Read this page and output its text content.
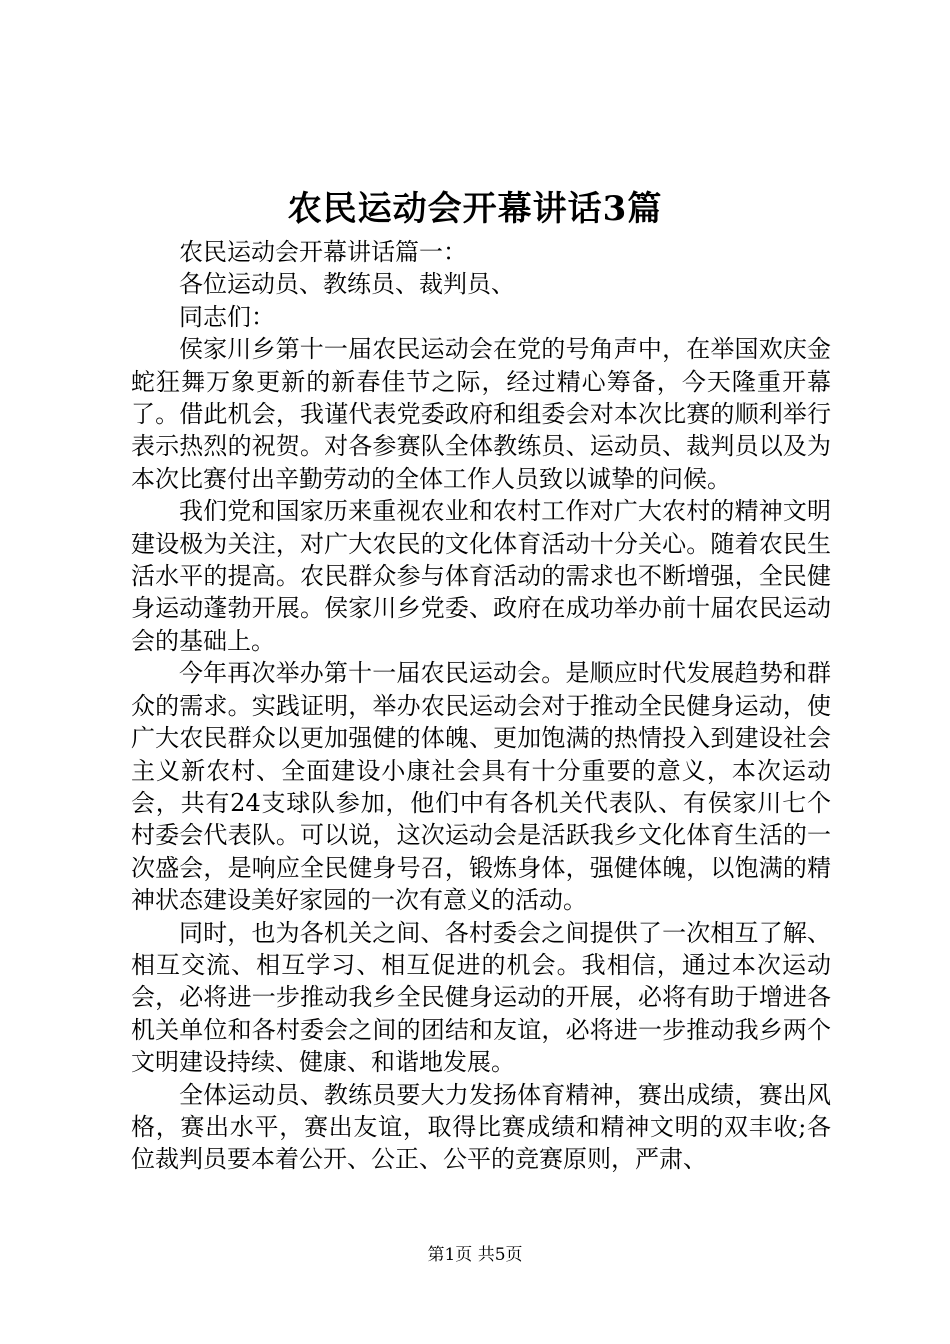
农民运动会开幕讲话3篇

农民运动会开幕讲话篇一：

各位运动员、教练员、裁判员、

同志们：

侯家川乡第十一届农民运动会在党的号角声中，在举国欢庆金蛇狂舞万象更新的新春佳节之际，经过精心筹备，今天隆重开幕了。借此机会，我谨代表党委政府和组委会对本次比赛的顺利举行表示热烈的祝贺。对各参赛队全体教练员、运动员、裁判员以及为本次比赛付出辛勤劳动的全体工作人员致以诚挚的问候。

我们党和国家历来重视农业和农村工作对广大农村的精神文明建设极为关注，对广大农民的文化体育活动十分关心。随着农民生活水平的提高。农民群众参与体育活动的需求也不断增强，全民健身运动蓬勃开展。侯家川乡党委、政府在成功举办前十届农民运动会的基础上。

今年再次举办第十一届农民运动会。是顺应时代发展趋势和群众的需求。实践证明，举办农民运动会对于推动全民健身运动，使广大农民群众以更加强健的体魄、更加饱满的热情投入到建设社会主义新农村、全面建设小康社会具有十分重要的意义，本次运动会，共有24支球队参加，他们中有各机关代表队、有侯家川七个村委会代表队。可以说，这次运动会是活跃我乡文化体育生活的一次盛会，是响应全民健身号召，锻炼身体，强健体魄，以饱满的精神状态建设美好家园的一次有意义的活动。

同时，也为各机关之间、各村委会之间提供了一次相互了解、相互交流、相互学习、相互促进的机会。我相信，通过本次运动会，必将进一步推动我乡全民健身运动的开展，必将有助于增进各机关单位和各村委会之间的团结和友谊，必将进一步推动我乡两个文明建设持续、健康、和谐地发展。

全体运动员、教练员要大力发扬体育精神，赛出成绩，赛出风格，赛出水平，赛出友谊，取得比赛成绩和精神文明的双丰收;各位裁判员要本着公开、公正、公平的竞赛原则，严肃、

第1页 共5页
